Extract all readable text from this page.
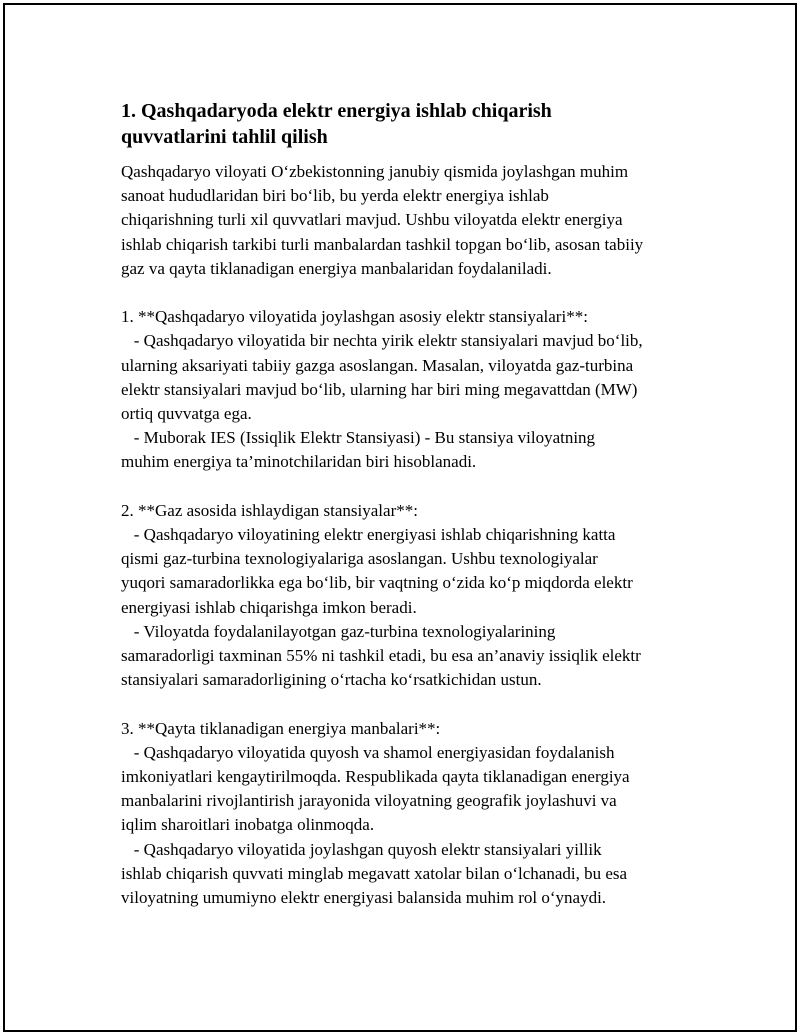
1. Qashqadaryoda elektr energiya ishlab chiqarish
quvvatlarini tahlil qilish

Qashqadaryo viloyati O‘zbekistonning janubiy qismida joylashgan muhim
sanoat hududlaridan biri bo‘lib, bu yerda elektr energiya ishlab
chiqarishning turli xil quvvatlari mavjud. Ushbu viloyatda elektr energiya
ishlab chiqarish tarkibi turli manbalardan tashkil topgan bo‘lib, asosan tabiiy
gaz va qayta tiklanadigan energiya manbalaridan foydalaniladi.

1. **Qashqadaryo viloyatida joylashgan asosiy elektr stansiyalari**:
- Qashqadaryo viloyatida bir nechta yirik elektr stansiyalari mavjud bo‘lib,
ularning aksariyati tabiiy gazga asoslangan. Masalan, viloyatda gaz-turbina
elektr stansiyalari mavjud bo‘lib, ularning har biri ming megavattdan (MW)
ortiq quvvatga ega.
- Muborak IES (Issiqlik Elektr Stansiyasi) - Bu stansiya viloyatning
muhim energiya ta’minotchilaridan biri hisoblanadi.

2. **Gaz asosida ishlaydigan stansiyalar**:
- Qashqadaryo viloyatining elektr energiyasi ishlab chiqarishning katta
qismi gaz-turbina texnologiyalariga asoslangan. Ushbu texnologiyalar
yuqori samaradorlikka ega bo‘lib, bir vaqtning o‘zida ko‘p miqdorda elektr
energiyasi ishlab chiqarishga imkon beradi.
- Viloyatda foydalanilayotgan gaz-turbina texnologiyalarining
samaradorligi taxminan 55% ni tashkil etadi, bu esa an’anaviy issiqlik elektr
stansiyalari samaradorligining o‘rtacha ko‘rsatkichidan ustun.

3. **Qayta tiklanadigan energiya manbalari**:
- Qashqadaryo viloyatida quyosh va shamol energiyasidan foydalanish
imkoniyatlari kengaytirilmoqda. Respublikada qayta tiklanadigan energiya
manbalarini rivojlantirish jarayonida viloyatning geografik joylashuvi va
iqlim sharoitlari inobatga olinmoqda.
- Qashqadaryo viloyatida joylashgan quyosh elektr stansiyalari yillik
ishlab chiqarish quvvati minglab megavatt xatolar bilan o‘lchanadi, bu esa
viloyatning umumiyno elektr energiyasi balansida muhim rol o‘ynaydi.
